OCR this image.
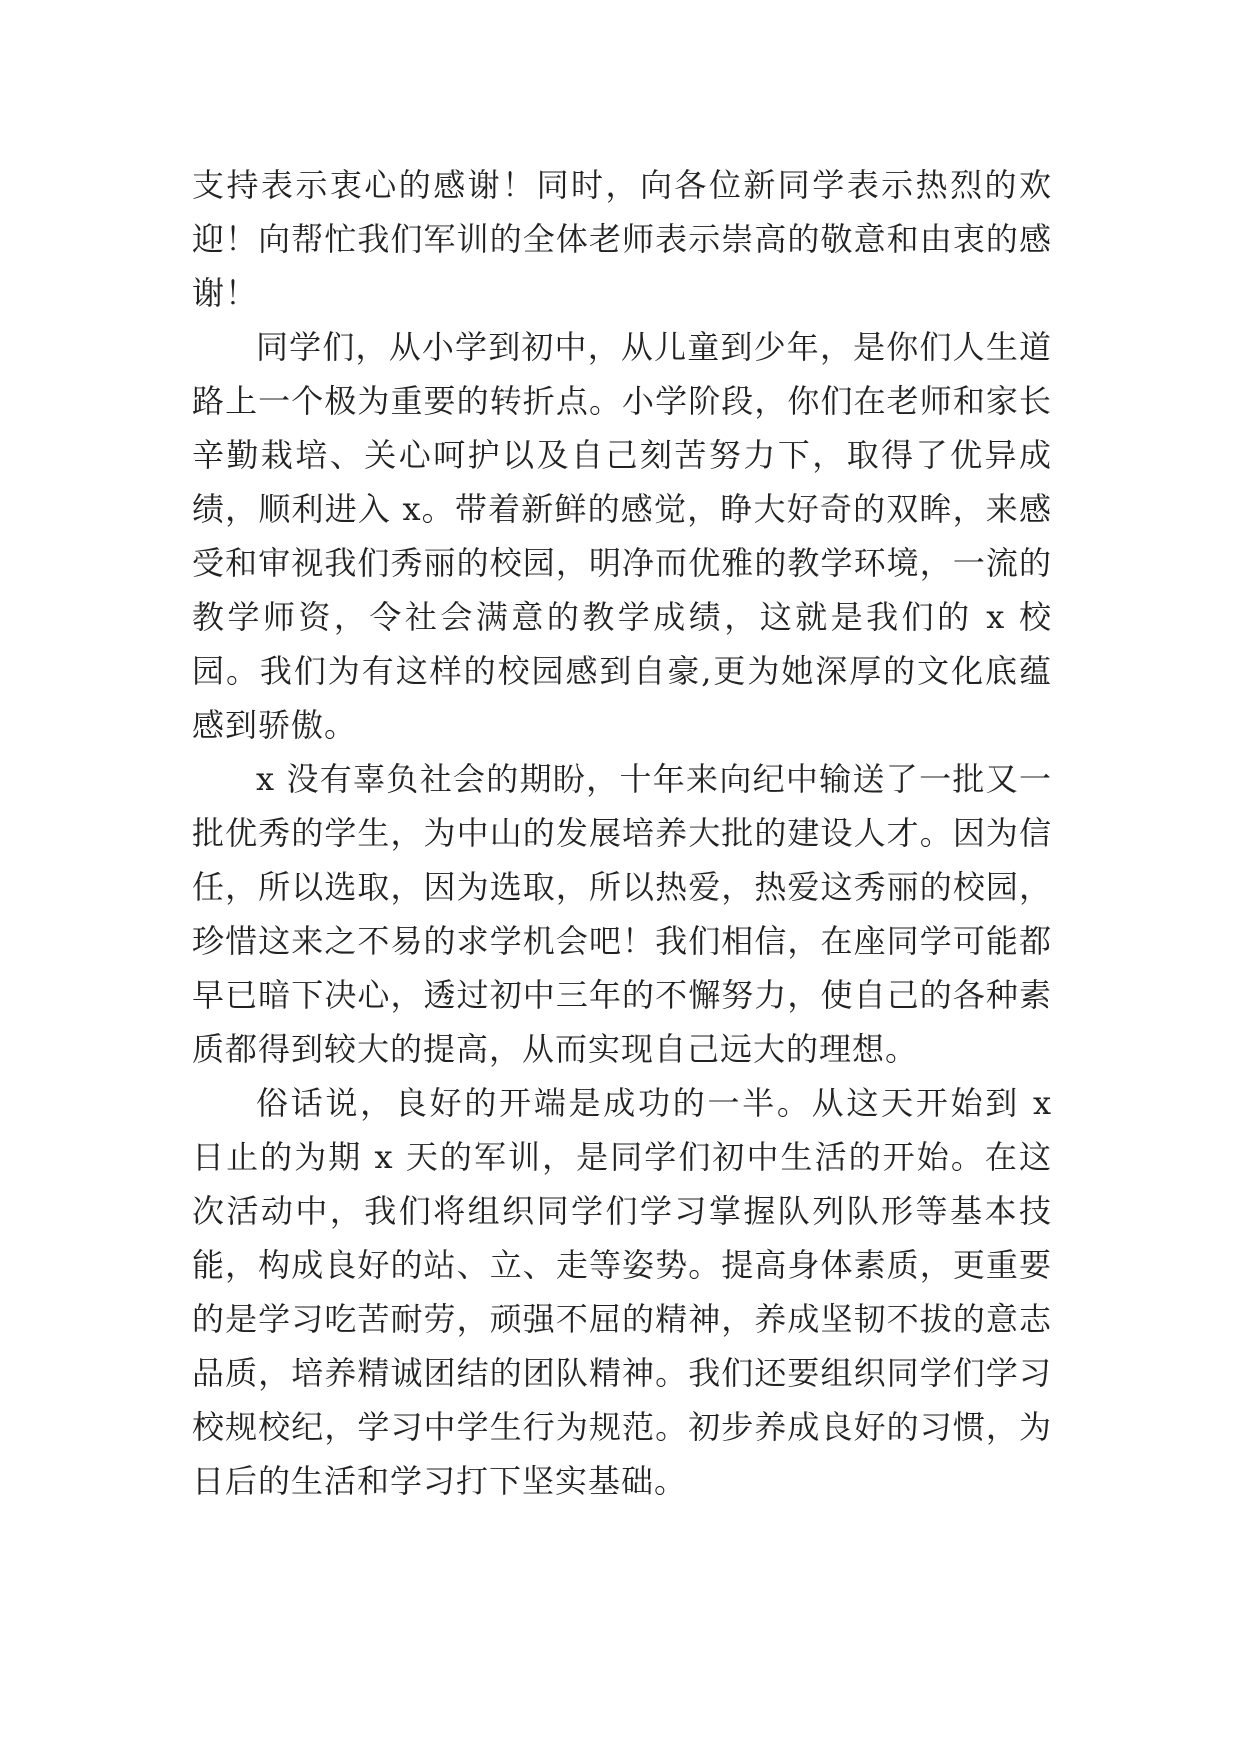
支持表示衷心的感谢！同时，向各位新同学表示热烈的欢迎！向帮忙我们军训的全体老师表示崇高的敬意和由衷的感谢！

同学们，从小学到初中，从儿童到少年，是你们人生道路上一个极为重要的转折点。小学阶段，你们在老师和家长辛勤栽培、关心呵护以及自己刻苦努力下，取得了优异成绩，顺利进入 x。带着新鲜的感觉，睁大好奇的双眸，来感受和审视我们秀丽的校园，明净而优雅的教学环境，一流的教学师资，令社会满意的教学成绩，这就是我们的 x 校园。我们为有这样的校园感到自豪,更为她深厚的文化底蕴感到骄傲。

x 没有辜负社会的期盼，十年来向纪中输送了一批又一批优秀的学生，为中山的发展培养大批的建设人才。因为信任，所以选取，因为选取，所以热爱，热爱这秀丽的校园，珍惜这来之不易的求学机会吧！我们相信，在座同学可能都早已暗下决心，透过初中三年的不懈努力，使自己的各种素质都得到较大的提高，从而实现自己远大的理想。

俗话说，良好的开端是成功的一半。从这天开始到 x 日止的为期 x 天的军训，是同学们初中生活的开始。在这次活动中，我们将组织同学们学习掌握队列队形等基本技能，构成良好的站、立、走等姿势。提高身体素质，更重要的是学习吃苦耐劳，顽强不屈的精神，养成坚韧不拔的意志品质，培养精诚团结的团队精神。我们还要组织同学们学习校规校纪，学习中学生行为规范。初步养成良好的习惯，为日后的生活和学习打下坚实基础。
